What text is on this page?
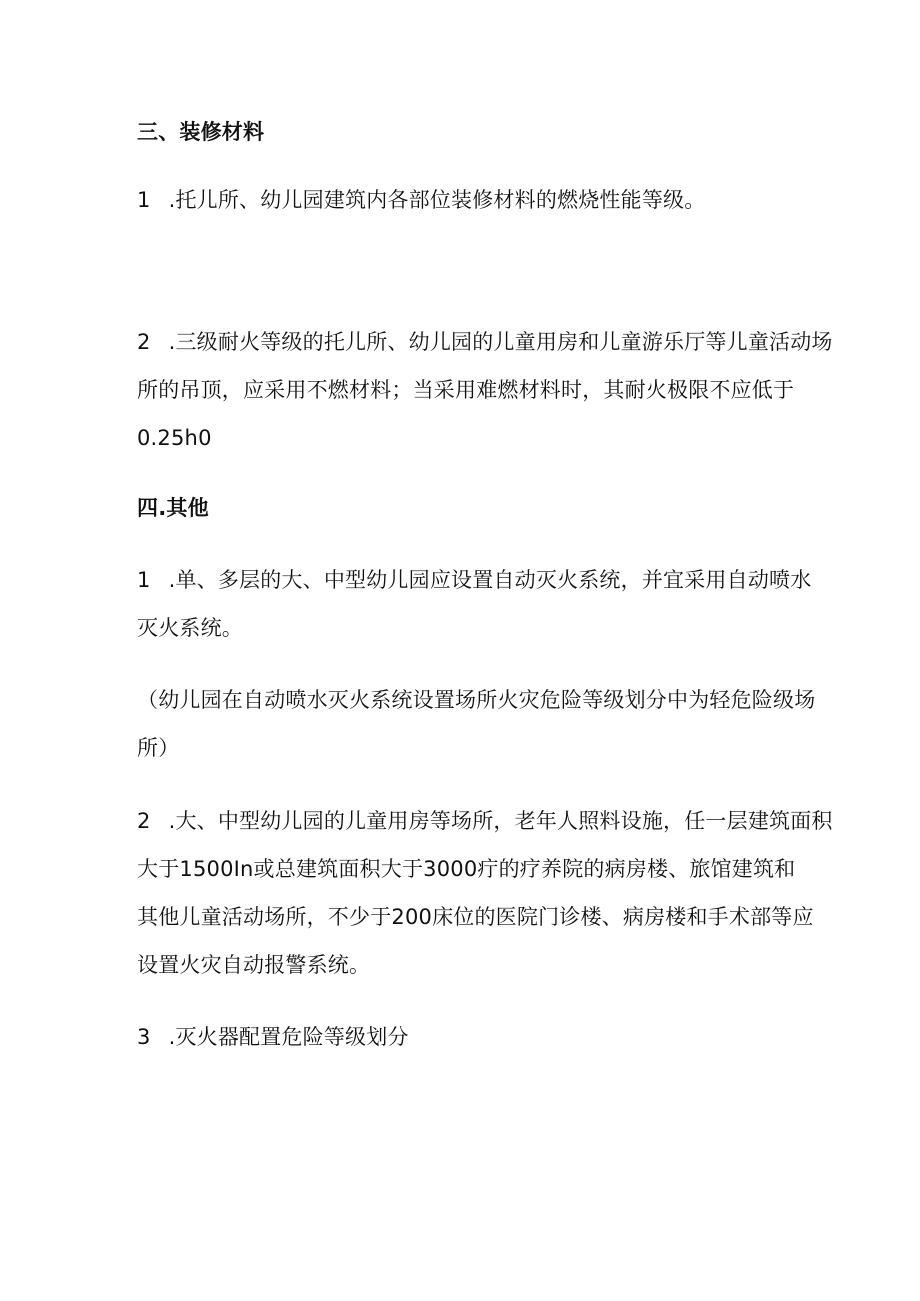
三、装修材料
1 .托儿所、幼儿园建筑内各部位装修材料的燃烧性能等级。
2 .三级耐火等级的托儿所、幼儿园的儿童用房和儿童游乐厅等儿童活动场
所的吊顶，应采用不燃材料；当采用难燃材料时，其耐火极限不应低于
0.25h0
四.其他
1 .单、多层的大、中型幼儿园应设置自动灭火系统，并宜采用自动喷水
灭火系统。
（幼儿园在自动喷水灭火系统设置场所火灾危险等级划分中为轻危险级场
所）
2 .大、中型幼儿园的儿童用房等场所，老年人照料设施，任一层建筑面积
大于1500In或总建筑面积大于3000疔的疗养院的病房楼、旅馆建筑和
其他儿童活动场所，不少于200床位的医院门诊楼、病房楼和手术部等应
设置火灾自动报警系统。
3 .灭火器配置危险等级划分
